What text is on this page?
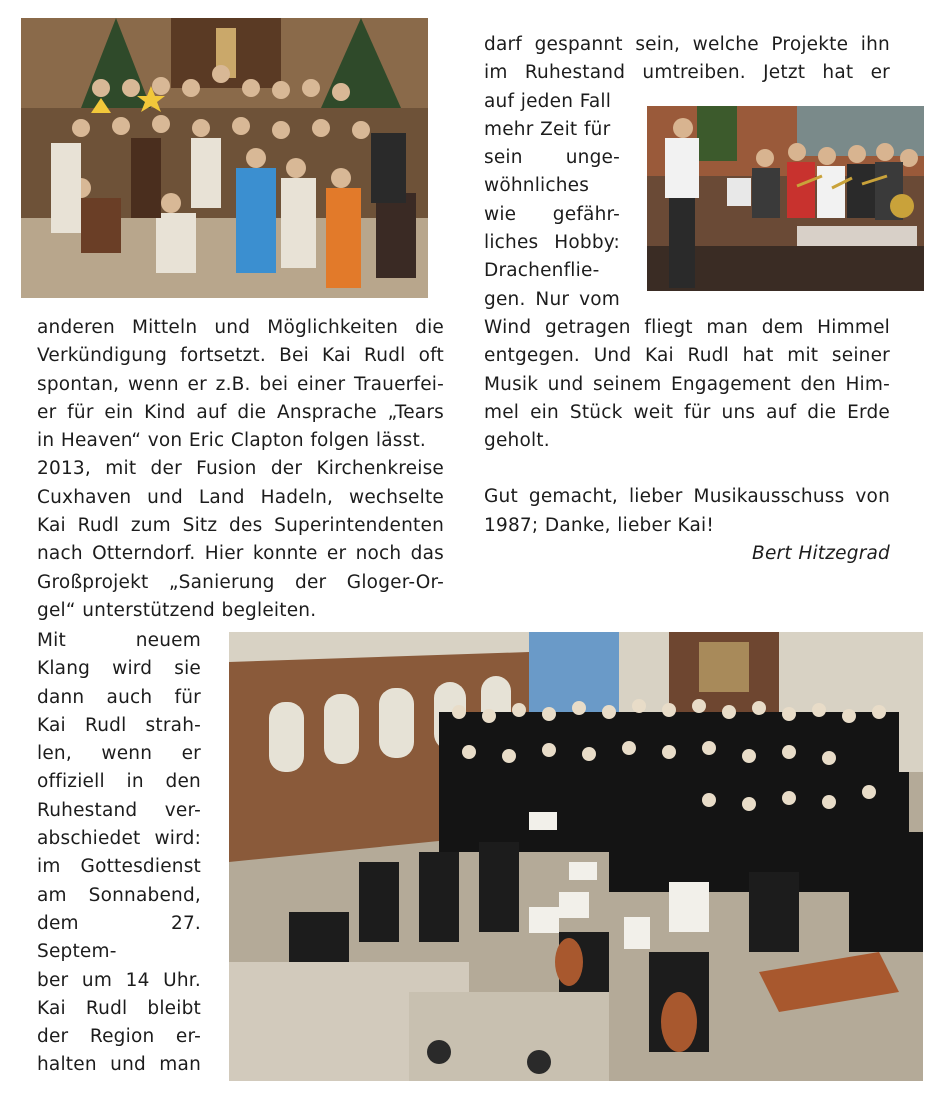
darf gespannt sein, welche Projekte ihn
im Ruhestand umtreiben. Jetzt hat er
auf jeden Fall
mehr Zeit für
sein unge-
wöhnliches
wie gefähr-
liches Hobby:
Drachenflie-
gen. Nur vom
Wind getragen fliegt man dem Himmel
entgegen. Und Kai Rudl hat mit seiner
Musik und seinem Engagement den Him-
mel ein Stück weit für uns auf die Erde
geholt.
Gut gemacht, lieber Musikausschuss von
1987; Danke, lieber Kai!
Bert Hitzegrad
anderen Mitteln und Möglichkeiten die
Verkündigung fortsetzt. Bei Kai Rudl oft
spontan, wenn er z.B. bei einer Trauerfei-
er für ein Kind auf die Ansprache „Tears
in Heaven“ von Eric Clapton folgen lässt.
2013, mit der Fusion der Kirchenkreise
Cuxhaven und Land Hadeln, wechselte
Kai Rudl zum Sitz des Superintendenten
nach Otterndorf. Hier konnte er noch das
Großprojekt „Sanierung der Gloger-Or-
gel“ unterstützend begleiten.
Mit neuem
Klang wird sie
dann auch für
Kai Rudl strah-
len, wenn er
offiziell in den
Ruhestand ver-
abschiedet wird:
im Gottesdienst
am Sonnabend,
dem 27. Septem-
ber um 14 Uhr.
Kai Rudl bleibt
der Region er-
halten und man
